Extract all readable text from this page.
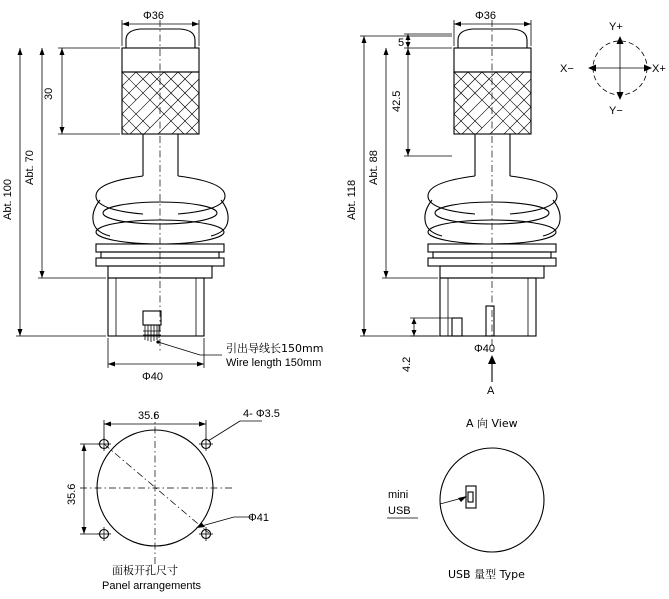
Φ36
30
Abt. 70
Abt. 100
Φ40
引出导线长150mm
Wire length 150mm
Φ36
5
42.5
Abt. 88
Abt. 118
4.2
Φ40
A
Y+
Y−
X−	X+
35.6
35.6
4- Φ3.5
Φ41
面板开孔尺寸
Panel arrangements
A 向 View
mini
USB
USB 量型 Type
